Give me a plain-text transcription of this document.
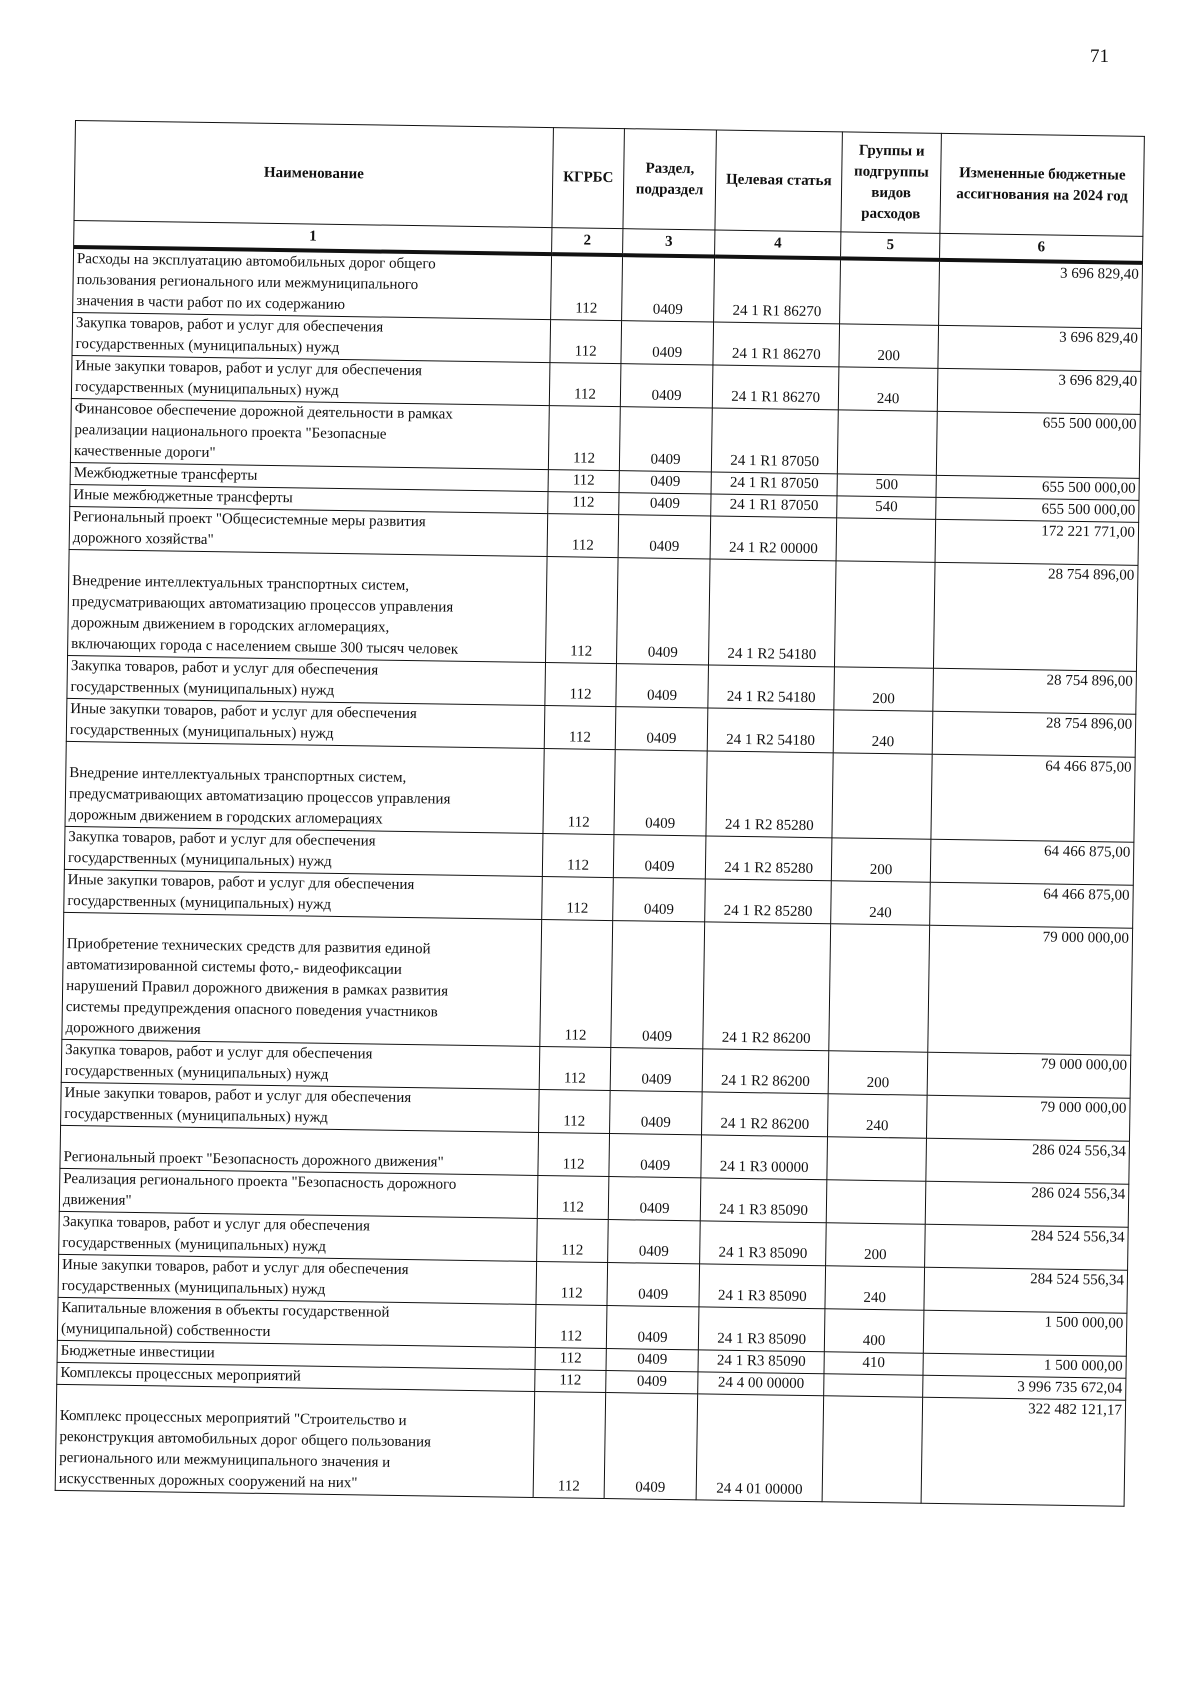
71
Наименование	КГРБС	Раздел, подраздел	Целевая статья	Группы и подгруппы видов расходов	Измененные бюджетные ассигнования на 2024 год
1	2	3	4	5	6

Расходы на эксплуатацию автомобильных дорог общего
пользования регионального или межмуниципального
значения в части работ по их содержанию	112	0409	24 1 R1 86270		3 696 829,40

Закупка товаров, работ и услуг для обеспечения
государственных (муниципальных) нужд	112	0409	24 1 R1 86270	200	3 696 829,40

Иные закупки товаров, работ и услуг для обеспечения
государственных (муниципальных) нужд	112	0409	24 1 R1 86270	240	3 696 829,40

Финансовое обеспечение дорожной деятельности в рамках
реализации национального проекта "Безопасные
качественные дороги"	112	0409	24 1 R1 87050		655 500 000,00

Межбюджетные трансферты	112	0409	24 1 R1 87050	500	655 500 000,00

Иные межбюджетные трансферты	112	0409	24 1 R1 87050	540	655 500 000,00

Региональный проект "Общесистемные меры развития
дорожного хозяйства"	112	0409	24 1 R2 00000		172 221 771,00

Внедрение интеллектуальных транспортных систем,
предусматривающих автоматизацию процессов управления
дорожным движением в городских агломерациях,
включающих города с населением свыше 300 тысяч человек	112	0409	24 1 R2 54180		28 754 896,00

Закупка товаров, работ и услуг для обеспечения
государственных (муниципальных) нужд	112	0409	24 1 R2 54180	200	28 754 896,00

Иные закупки товаров, работ и услуг для обеспечения
государственных (муниципальных) нужд	112	0409	24 1 R2 54180	240	28 754 896,00

Внедрение интеллектуальных транспортных систем,
предусматривающих автоматизацию процессов управления
дорожным движением в городских агломерациях	112	0409	24 1 R2 85280		64 466 875,00

Закупка товаров, работ и услуг для обеспечения
государственных (муниципальных) нужд	112	0409	24 1 R2 85280	200	64 466 875,00

Иные закупки товаров, работ и услуг для обеспечения
государственных (муниципальных) нужд	112	0409	24 1 R2 85280	240	64 466 875,00

Приобретение технических средств для развития единой
автоматизированной системы фото,- видеофиксации
нарушений Правил дорожного движения в рамках развития
системы предупреждения опасного поведения участников
дорожного движения	112	0409	24 1 R2 86200		79 000 000,00

Закупка товаров, работ и услуг для обеспечения
государственных (муниципальных) нужд	112	0409	24 1 R2 86200	200	79 000 000,00

Иные закупки товаров, работ и услуг для обеспечения
государственных (муниципальных) нужд	112	0409	24 1 R2 86200	240	79 000 000,00

Региональный проект "Безопасность дорожного движения"	112	0409	24 1 R3 00000		286 024 556,34

Реализация регионального проекта "Безопасность дорожного
движения"	112	0409	24 1 R3 85090		286 024 556,34

Закупка товаров, работ и услуг для обеспечения
государственных (муниципальных) нужд	112	0409	24 1 R3 85090	200	284 524 556,34

Иные закупки товаров, работ и услуг для обеспечения
государственных (муниципальных) нужд	112	0409	24 1 R3 85090	240	284 524 556,34

Капитальные вложения в объекты государственной
(муниципальной) собственности	112	0409	24 1 R3 85090	400	1 500 000,00

Бюджетные инвестиции	112	0409	24 1 R3 85090	410	1 500 000,00

Комплексы процессных мероприятий	112	0409	24 4 00 00000		3 996 735 672,04

Комплекс процессных мероприятий "Строительство и
реконструкция автомобильных дорог общего пользования
регионального или межмуниципального значения и
искусственных дорожных сооружений на них"	112	0409	24 4 01 00000		322 482 121,17
